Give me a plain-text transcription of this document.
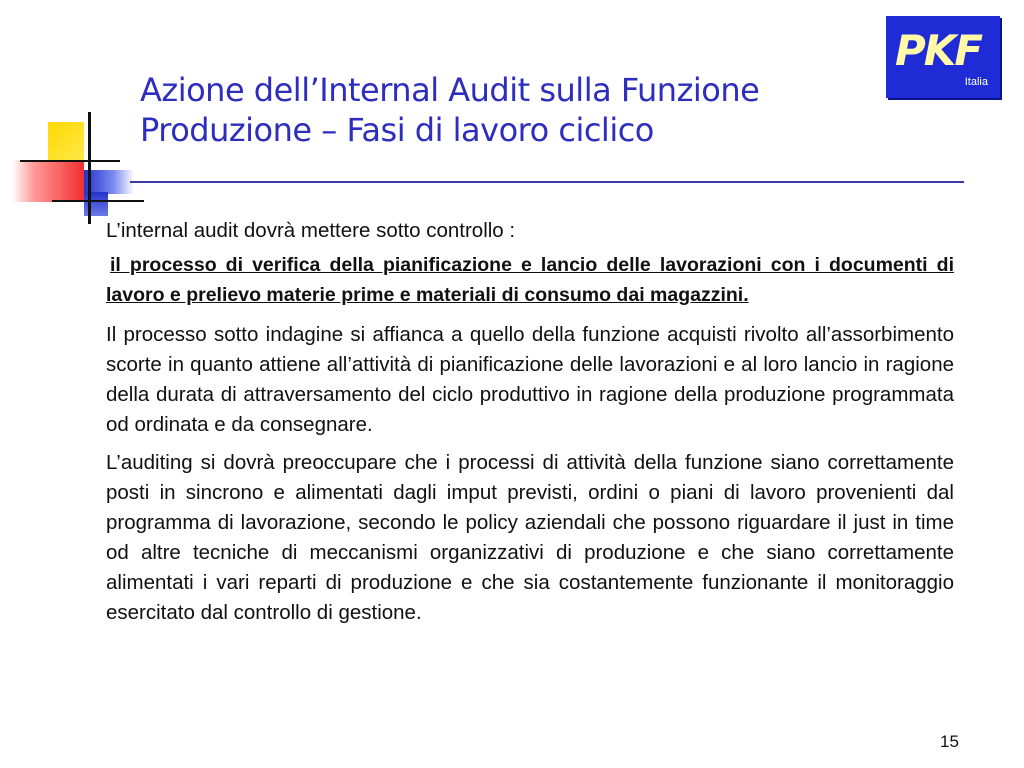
Azione dell’Internal Audit sulla Funzione
Produzione – Fasi di lavoro ciclico
PKF
Italia

L’internal audit dovrà mettere sotto controllo :

il processo di verifica della pianificazione e lancio delle lavorazioni con i documenti di lavoro e prelievo materie prime e materiali di consumo dai magazzini.

Il processo sotto indagine si affianca a quello della funzione acquisti rivolto all’assorbimento scorte in quanto attiene all’attività di pianificazione delle lavorazioni e al loro lancio in ragione della durata di attraversamento del ciclo produttivo in ragione della produzione programmata od ordinata e da consegnare.

L’auditing si dovrà preoccupare che i processi di attività della funzione siano correttamente posti in sincrono e alimentati dagli imput previsti, ordini o piani di lavoro provenienti dal programma di lavorazione, secondo le policy aziendali che possono riguardare il just in time od altre tecniche di meccanismi organizzativi di produzione e che siano correttamente alimentati i vari reparti di produzione e che sia costantemente funzionante il monitoraggio esercitato dal controllo di gestione.

15
